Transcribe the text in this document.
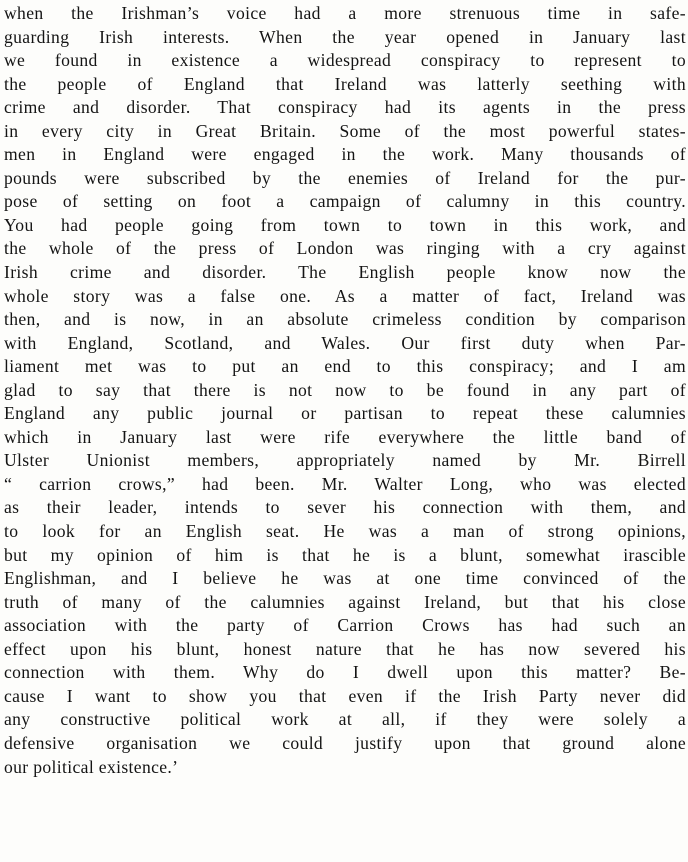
when the Irishman’s voice had a more strenuous time in safe-
guarding Irish interests. When the year opened in January last
we found in existence a widespread conspiracy to represent to
the people of England that Ireland was latterly seething with
crime and disorder. That conspiracy had its agents in the press
in every city in Great Britain. Some of the most powerful states-
men in England were engaged in the work. Many thousands of
pounds were subscribed by the enemies of Ireland for the pur-
pose of setting on foot a campaign of calumny in this country.
You had people going from town to town in this work, and
the whole of the press of London was ringing with a cry against
Irish crime and disorder. The English people know now the
whole story was a false one. As a matter of fact, Ireland was
then, and is now, in an absolute crimeless condition by comparison
with England, Scotland, and Wales. Our first duty when Par-
liament met was to put an end to this conspiracy; and I am
glad to say that there is not now to be found in any part of
England any public journal or partisan to repeat these calumnies
which in January last were rife everywhere the little band of
Ulster Unionist members, appropriately named by Mr. Birrell
“ carrion crows,” had been. Mr. Walter Long, who was elected
as their leader, intends to sever his connection with them, and
to look for an English seat. He was a man of strong opinions,
but my opinion of him is that he is a blunt, somewhat irascible
Englishman, and I believe he was at one time convinced of the
truth of many of the calumnies against Ireland, but that his close
association with the party of Carrion Crows has had such an
effect upon his blunt, honest nature that he has now severed his
connection with them. Why do I dwell upon this matter? Be-
cause I want to show you that even if the Irish Party never did
any constructive political work at all, if they were solely a
defensive organisation we could justify upon that ground alone
our political existence.’
